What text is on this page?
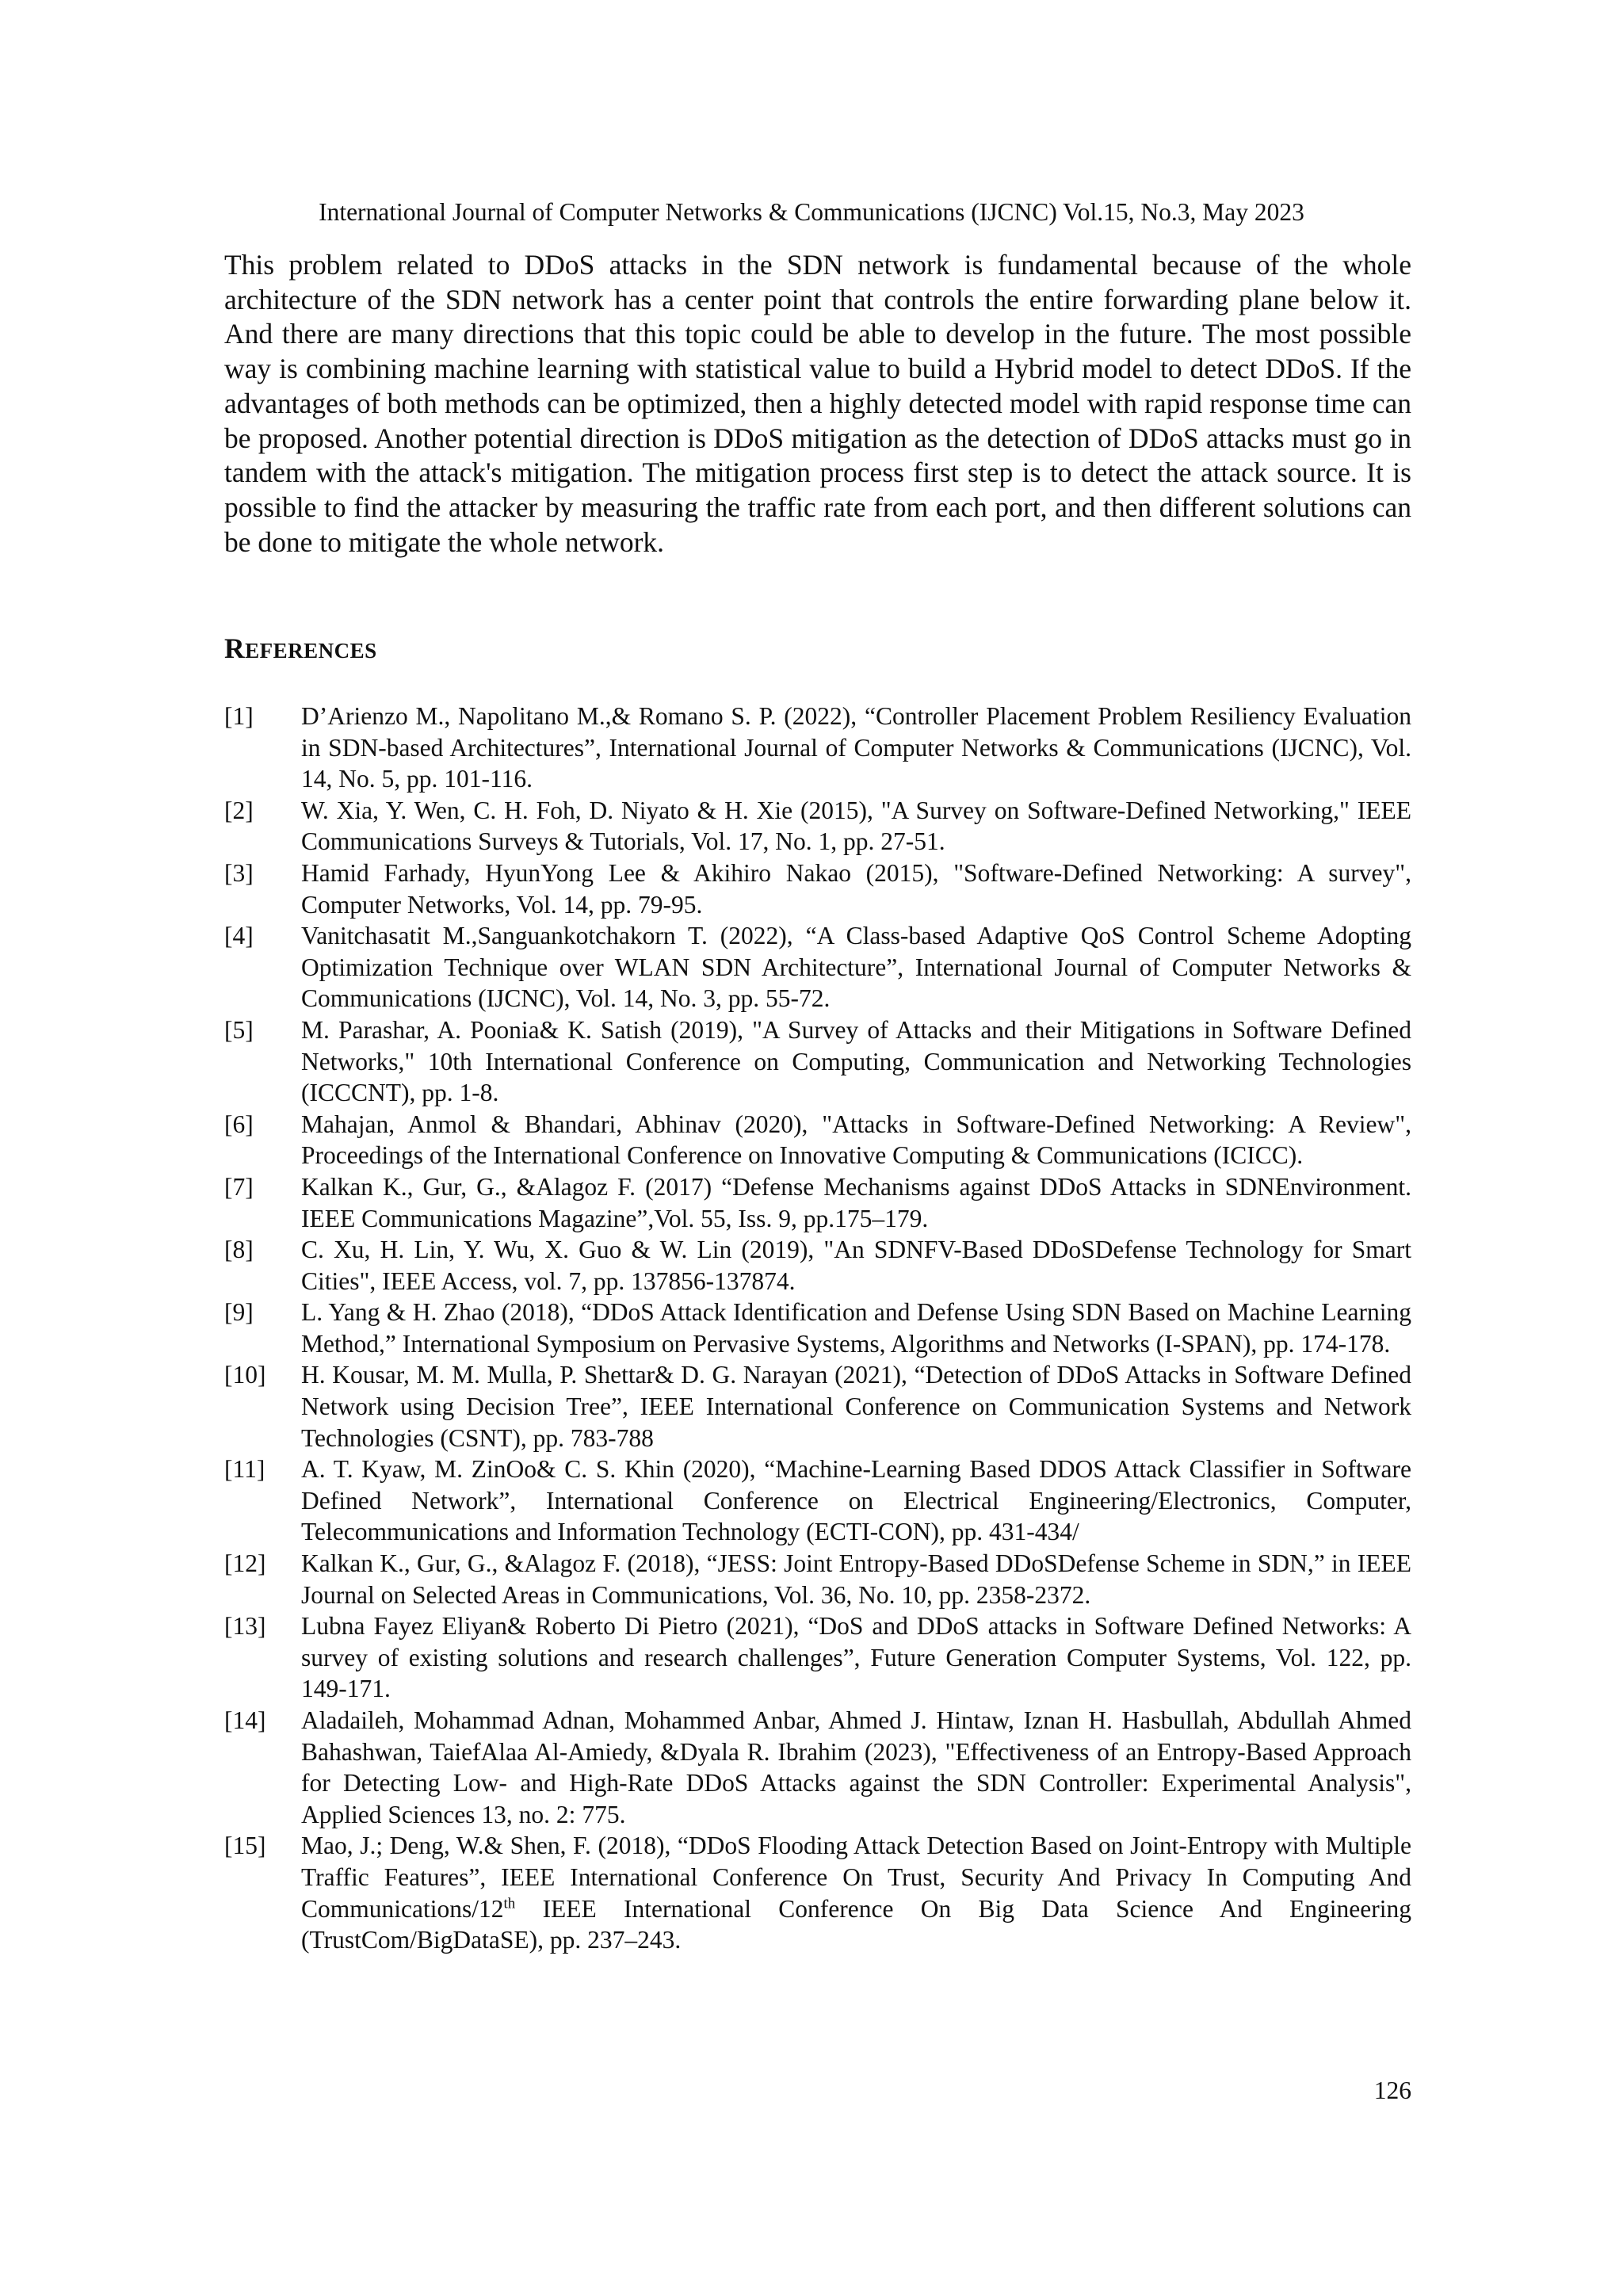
International Journal of Computer Networks & Communications (IJCNC) Vol.15, No.3, May 2023

This problem related to DDoS attacks in the SDN network is fundamental because of the whole architecture of the SDN network has a center point that controls the entire forwarding plane below it. And there are many directions that this topic could be able to develop in the future. The most possible way is combining machine learning with statistical value to build a Hybrid model to detect DDoS. If the advantages of both methods can be optimized, then a highly detected model with rapid response time can be proposed. Another potential direction is DDoS mitigation as the detection of DDoS attacks must go in tandem with the attack's mitigation. The mitigation process first step is to detect the attack source. It is possible to find the attacker by measuring the traffic rate from each port, and then different solutions can be done to mitigate the whole network.

REFERENCES
[1]	D’Arienzo M., Napolitano M.,& Romano S. P. (2022), “Controller Placement Problem Resiliency Evaluation in SDN-based Architectures”, International Journal of Computer Networks & Communications (IJCNC), Vol. 14, No. 5, pp. 101-116.
[2]	W. Xia, Y. Wen, C. H. Foh, D. Niyato & H. Xie (2015), "A Survey on Software-Defined Networking," IEEE Communications Surveys & Tutorials, Vol. 17, No. 1, pp. 27-51.
[3]	Hamid Farhady, HyunYong Lee & Akihiro Nakao (2015), "Software-Defined Networking: A survey", Computer Networks, Vol. 14, pp. 79-95.
[4]	Vanitchasatit M.,Sanguankotchakorn T. (2022), “A Class-based Adaptive QoS Control Scheme Adopting Optimization Technique over WLAN SDN Architecture”, International Journal of Computer Networks & Communications (IJCNC), Vol. 14, No. 3, pp. 55-72.
[5]	M. Parashar, A. Poonia& K. Satish (2019), "A Survey of Attacks and their Mitigations in Software Defined Networks," 10th International Conference on Computing, Communication and Networking Technologies (ICCCNT), pp. 1-8.
[6]	Mahajan, Anmol & Bhandari, Abhinav (2020), "Attacks in Software-Defined Networking: A Review", Proceedings of the International Conference on Innovative Computing & Communications (ICICC).
[7]	Kalkan K., Gur, G., &Alagoz F. (2017) “Defense Mechanisms against DDoS Attacks in SDNEnvironment. IEEE Communications Magazine”,Vol. 55, Iss. 9, pp.175–179.
[8]	C. Xu, H. Lin, Y. Wu, X. Guo & W. Lin (2019), "An SDNFV-Based DDoSDefense Technology for Smart Cities", IEEE Access, vol. 7, pp. 137856-137874.
[9]	L. Yang & H. Zhao (2018), “DDoS Attack Identification and Defense Using SDN Based on Machine Learning Method,” International Symposium on Pervasive Systems, Algorithms and Networks (I-SPAN), pp. 174-178.
[10]	H. Kousar, M. M. Mulla, P. Shettar& D. G. Narayan (2021), “Detection of DDoS Attacks in Software Defined Network using Decision Tree”, IEEE International Conference on Communication Systems and Network Technologies (CSNT), pp. 783-788
[11]	A. T. Kyaw, M. ZinOo& C. S. Khin (2020), “Machine-Learning Based DDOS Attack Classifier in Software Defined Network”, International Conference on Electrical Engineering/Electronics, Computer, Telecommunications and Information Technology (ECTI-CON), pp. 431-434/
[12]	Kalkan K., Gur, G., &Alagoz F. (2018), “JESS: Joint Entropy-Based DDoSDefense Scheme in SDN,” in IEEE Journal on Selected Areas in Communications, Vol. 36, No. 10, pp. 2358-2372.
[13]	Lubna Fayez Eliyan& Roberto Di Pietro (2021), “DoS and DDoS attacks in Software Defined Networks: A survey of existing solutions and research challenges”, Future Generation Computer Systems, Vol. 122, pp. 149-171.
[14]	Aladaileh, Mohammad Adnan, Mohammed Anbar, Ahmed J. Hintaw, Iznan H. Hasbullah, Abdullah Ahmed Bahashwan, TaiefAlaa Al-Amiedy, &Dyala R. Ibrahim (2023), "Effectiveness of an Entropy-Based Approach for Detecting Low- and High-Rate DDoS Attacks against the SDN Controller: Experimental Analysis", Applied Sciences 13, no. 2: 775.
[15]	Mao, J.; Deng, W.& Shen, F. (2018), “DDoS Flooding Attack Detection Based on Joint-Entropy with Multiple Traffic Features”, IEEE International Conference On Trust, Security And Privacy In Computing And Communications/12th IEEE International Conference On Big Data Science And Engineering (TrustCom/BigDataSE), pp. 237–243.
126
